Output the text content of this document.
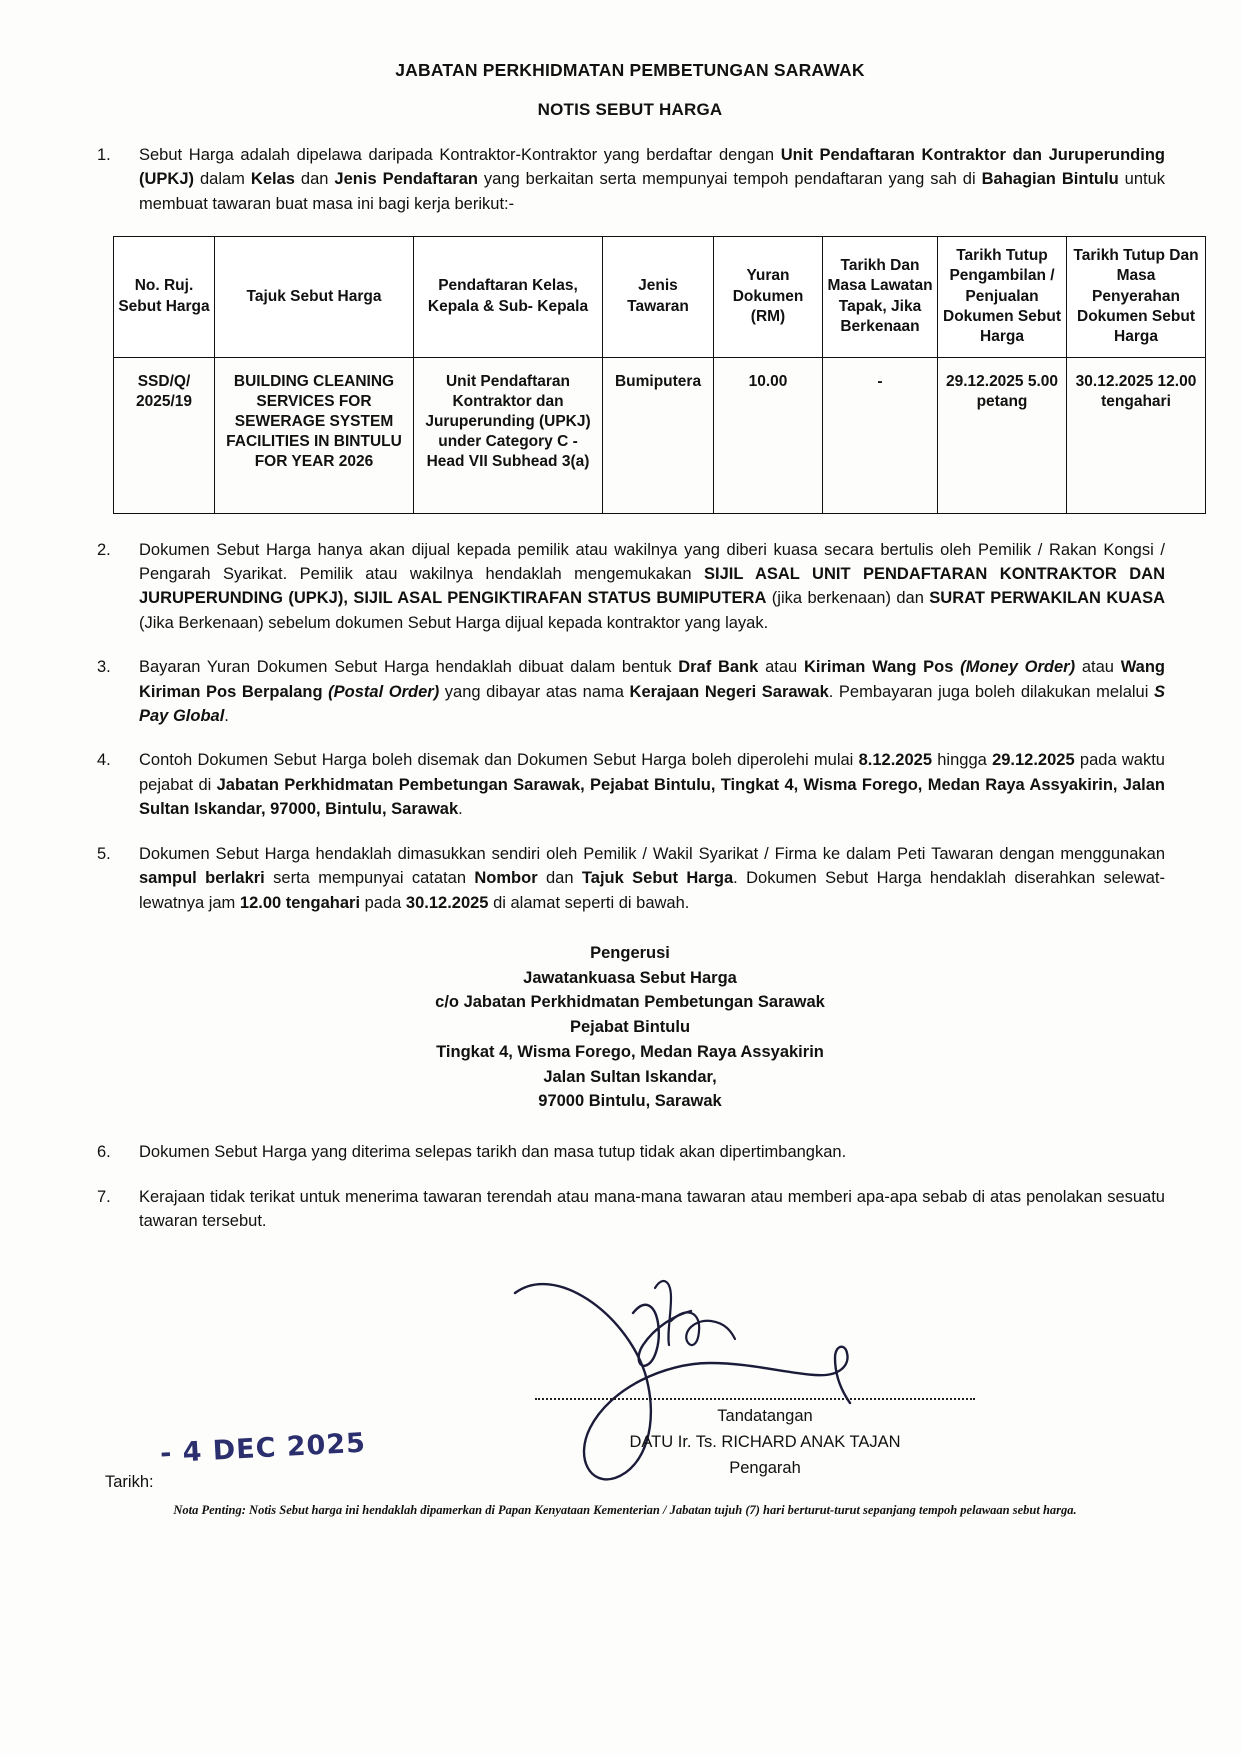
JABATAN PERKHIDMATAN PEMBETUNGAN SARAWAK
NOTIS SEBUT HARGA
1.	Sebut Harga adalah dipelawa daripada Kontraktor-Kontraktor yang berdaftar dengan Unit Pendaftaran Kontraktor dan Juruperunding (UPKJ) dalam Kelas dan Jenis Pendaftaran yang berkaitan serta mempunyai tempoh pendaftaran yang sah di Bahagian Bintulu untuk membuat tawaran buat masa ini bagi kerja berikut:-
No. Ruj. Sebut Harga	Tajuk Sebut Harga	Pendaftaran Kelas, Kepala & Sub- Kepala	Jenis Tawaran	Yuran Dokumen (RM)	Tarikh Dan Masa Lawatan Tapak, Jika Berkenaan	Tarikh Tutup Pengambilan / Penjualan Dokumen Sebut Harga	Tarikh Tutup Dan Masa Penyerahan Dokumen Sebut Harga
SSD/Q/ 2025/19	BUILDING CLEANING SERVICES FOR SEWERAGE SYSTEM FACILITIES IN BINTULU FOR YEAR 2026	Unit Pendaftaran Kontraktor dan Juruperunding (UPKJ) under Category C - Head VII Subhead 3(a)	Bumiputera	10.00	-	29.12.2025 5.00 petang	30.12.2025 12.00 tengahari
2.	Dokumen Sebut Harga hanya akan dijual kepada pemilik atau wakilnya yang diberi kuasa secara bertulis oleh Pemilik / Rakan Kongsi / Pengarah Syarikat. Pemilik atau wakilnya hendaklah mengemukakan SIJIL ASAL UNIT PENDAFTARAN KONTRAKTOR DAN JURUPERUNDING (UPKJ), SIJIL ASAL PENGIKTIRAFAN STATUS BUMIPUTERA (jika berkenaan) dan SURAT PERWAKILAN KUASA (Jika Berkenaan) sebelum dokumen Sebut Harga dijual kepada kontraktor yang layak.
3.	Bayaran Yuran Dokumen Sebut Harga hendaklah dibuat dalam bentuk Draf Bank atau Kiriman Wang Pos (Money Order) atau Wang Kiriman Pos Berpalang (Postal Order) yang dibayar atas nama Kerajaan Negeri Sarawak. Pembayaran juga boleh dilakukan melalui S Pay Global.
4.	Contoh Dokumen Sebut Harga boleh disemak dan Dokumen Sebut Harga boleh diperolehi mulai 8.12.2025 hingga 29.12.2025 pada waktu pejabat di Jabatan Perkhidmatan Pembetungan Sarawak, Pejabat Bintulu, Tingkat 4, Wisma Forego, Medan Raya Assyakirin, Jalan Sultan Iskandar, 97000, Bintulu, Sarawak.
5.	Dokumen Sebut Harga hendaklah dimasukkan sendiri oleh Pemilik / Wakil Syarikat / Firma ke dalam Peti Tawaran dengan menggunakan sampul berlakri serta mempunyai catatan Nombor dan Tajuk Sebut Harga. Dokumen Sebut Harga hendaklah diserahkan selewat-lewatnya jam 12.00 tengahari pada 30.12.2025 di alamat seperti di bawah.
Pengerusi
Jawatankuasa Sebut Harga
c/o Jabatan Perkhidmatan Pembetungan Sarawak
Pejabat Bintulu
Tingkat 4, Wisma Forego, Medan Raya Assyakirin
Jalan Sultan Iskandar,
97000 Bintulu, Sarawak
6.	Dokumen Sebut Harga yang diterima selepas tarikh dan masa tutup tidak akan dipertimbangkan.
7.	Kerajaan tidak terikat untuk menerima tawaran terendah atau mana-mana tawaran atau memberi apa-apa sebab di atas penolakan sesuatu tawaran tersebut.
Tandatangan
DATU Ir. Ts. RICHARD ANAK TAJAN
Pengarah
Tarikh:
- 4 DEC 2025
Nota Penting: Notis Sebut harga ini hendaklah dipamerkan di Papan Kenyataan Kementerian / Jabatan tujuh (7) hari berturut-turut sepanjang tempoh pelawaan sebut harga.
